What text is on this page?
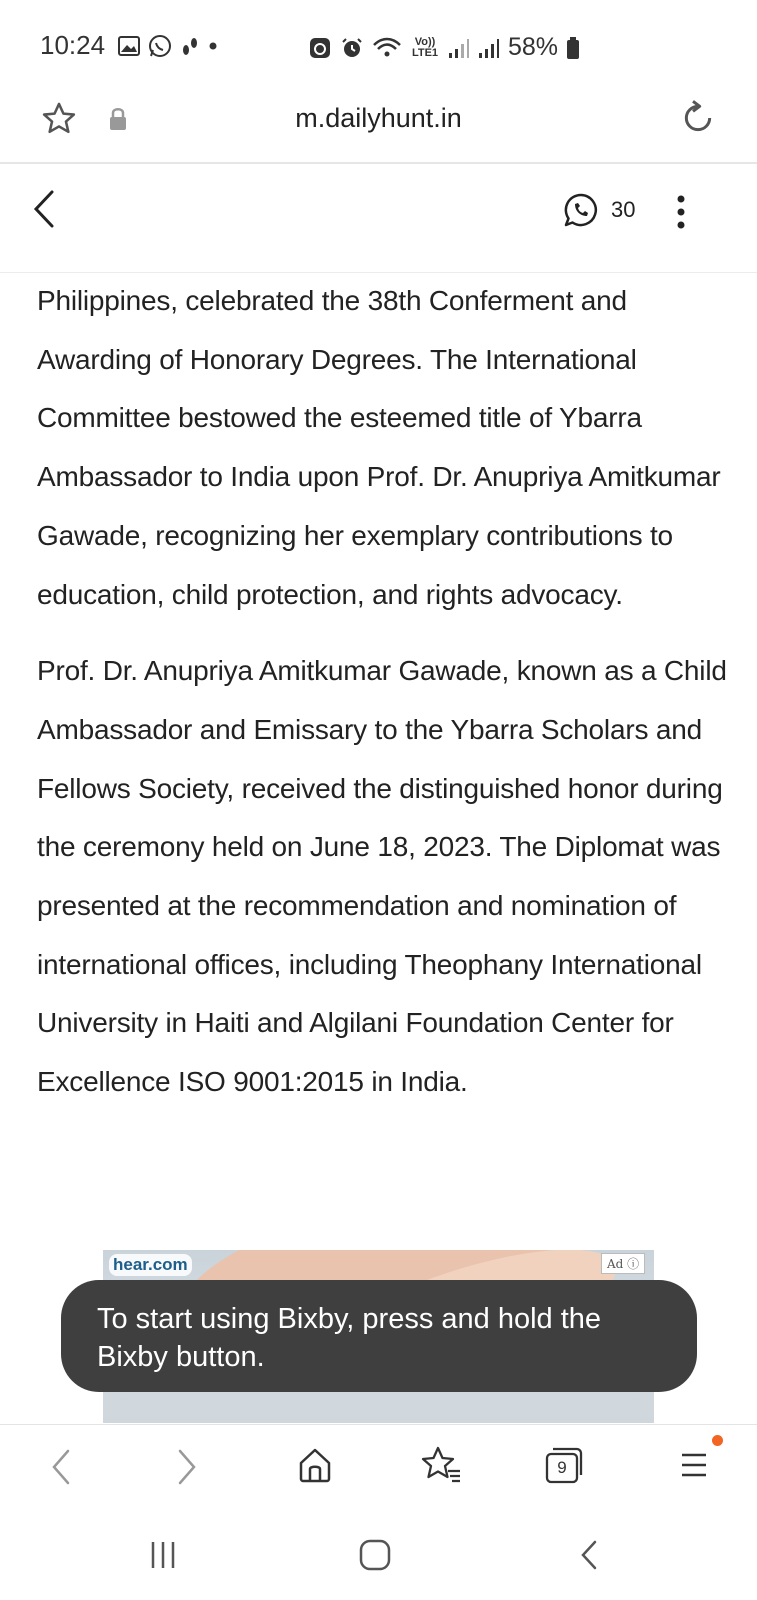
10:24	Vo)) LTE1	58%
m.dailyhunt.in
30

Philippines, celebrated the 38th Conferment and Awarding of Honorary Degrees. The International Committee bestowed the esteemed title of Ybarra Ambassador to India upon Prof. Dr. Anupriya Amitkumar Gawade, recognizing her exemplary contributions to education, child protection, and rights advocacy.

Prof. Dr. Anupriya Amitkumar Gawade, known as a Child Ambassador and Emissary to the Ybarra Scholars and Fellows Society, received the distinguished honor during the ceremony held on June 18, 2023. The Diplomat was presented at the recommendation and nomination of international offices, including Theophany International University in Haiti and Algilani Foundation Center for Excellence ISO 9001:2015 in India.

hear.com	Ad ⓘ
To start using Bixby, press and hold the Bixby button.
9
